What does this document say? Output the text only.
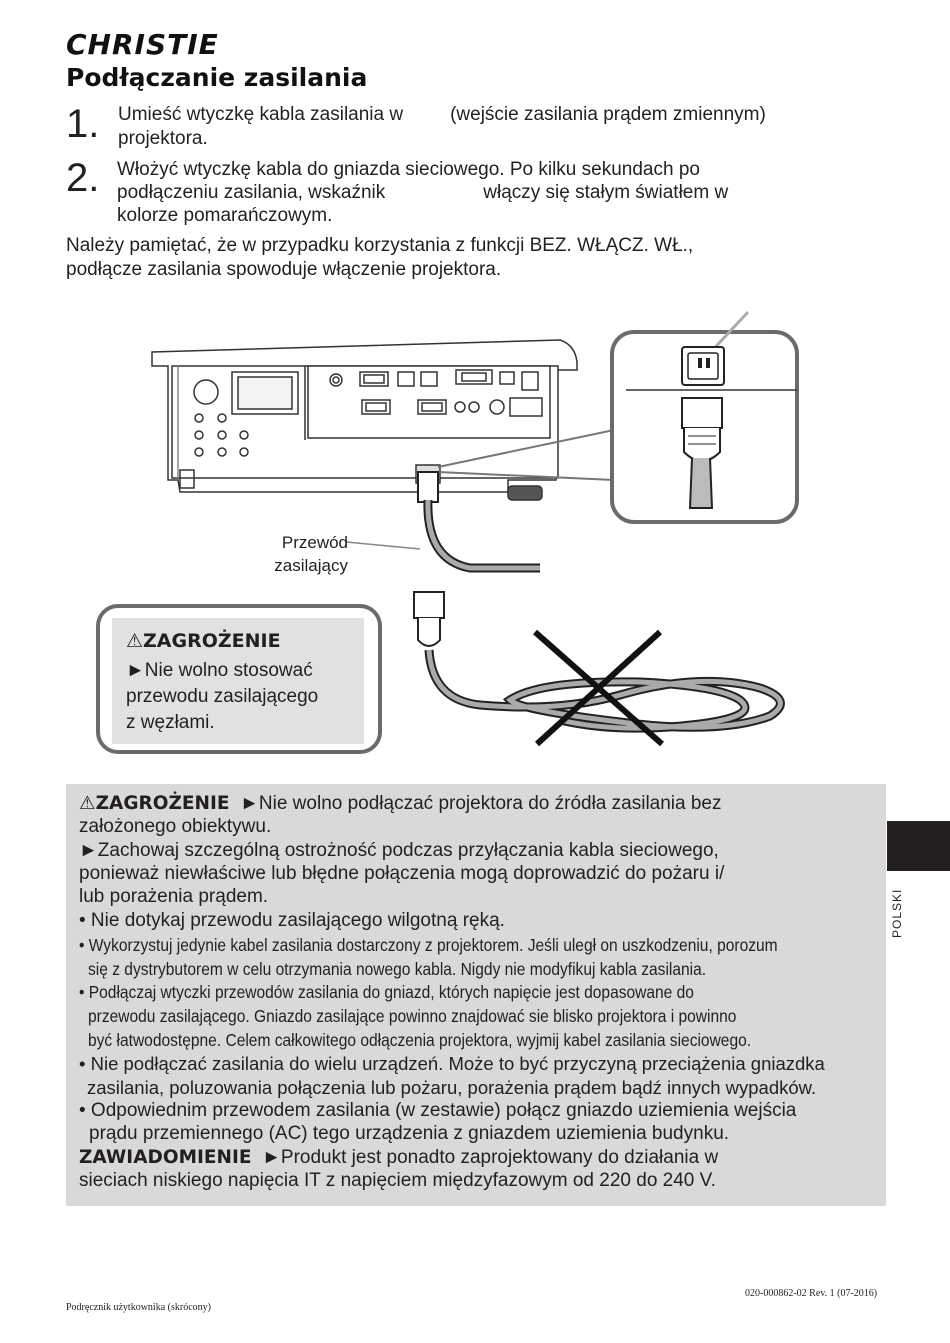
CHRISTIE
Podłączanie zasilania
1. Umieść wtyczkę kabla zasilania w (wejście zasilania prądem zmiennym)
projektora.
2. Włożyć wtyczkę kabla do gniazda sieciowego. Po kilku sekundach po
podłączeniu zasilania, wskaźnik	włączy się stałym światłem w
kolorze pomarańczowym.
Należy pamiętać, że w przypadku korzystania z funkcji BEZ. WŁĄCZ. WŁ.,
podłącze zasilania spowoduje włączenie projektora.
Przewód
zasilający
⚠ZAGROŻENIE
►Nie wolno stosować
przewodu zasilającego
z węzłami.
⚠ZAGROŻENIE ►Nie wolno podłączać projektora do źródła zasilania bez
założonego obiektywu.
►Zachowaj szczególną ostrożność podczas przyłączania kabla sieciowego,
ponieważ niewłaściwe lub błędne połączenia mogą doprowadzić do pożaru i/
lub porażenia prądem.
• Nie dotykaj przewodu zasilającego wilgotną ręką.
• Wykorzystuj jedynie kabel zasilania dostarczony z projektorem. Jeśli uległ on uszkodzeniu, porozum
się z dystrybutorem w celu otrzymania nowego kabla. Nigdy nie modyfikuj kabla zasilania.
• Podłączaj wtyczki przewodów zasilania do gniazd, których napięcie jest dopasowane do
przewodu zasilającego. Gniazdo zasilające powinno znajdować sie blisko projektora i powinno
być łatwodostępne. Celem całkowitego odłączenia projektora, wyjmij kabel zasilania sieciowego.
• Nie podłączać zasilania do wielu urządzeń. Może to być przyczyną przeciążenia gniazdka
zasilania, poluzowania połączenia lub pożaru, porażenia prądem bądź innych wypadków.
• Odpowiednim przewodem zasilania (w zestawie) połącz gniazdo uziemienia wejścia
prądu przemiennego (AC) tego urządzenia z gniazdem uziemienia budynku.
ZAWIADOMIENIE ►Produkt jest ponadto zaprojektowany do działania w
sieciach niskiego napięcia IT z napięciem międzyfazowym od 220 do 240 V.
POLSKI
020-000862-02 Rev. 1 (07-2016)
Podręcznik użytkownika (skrócony)
